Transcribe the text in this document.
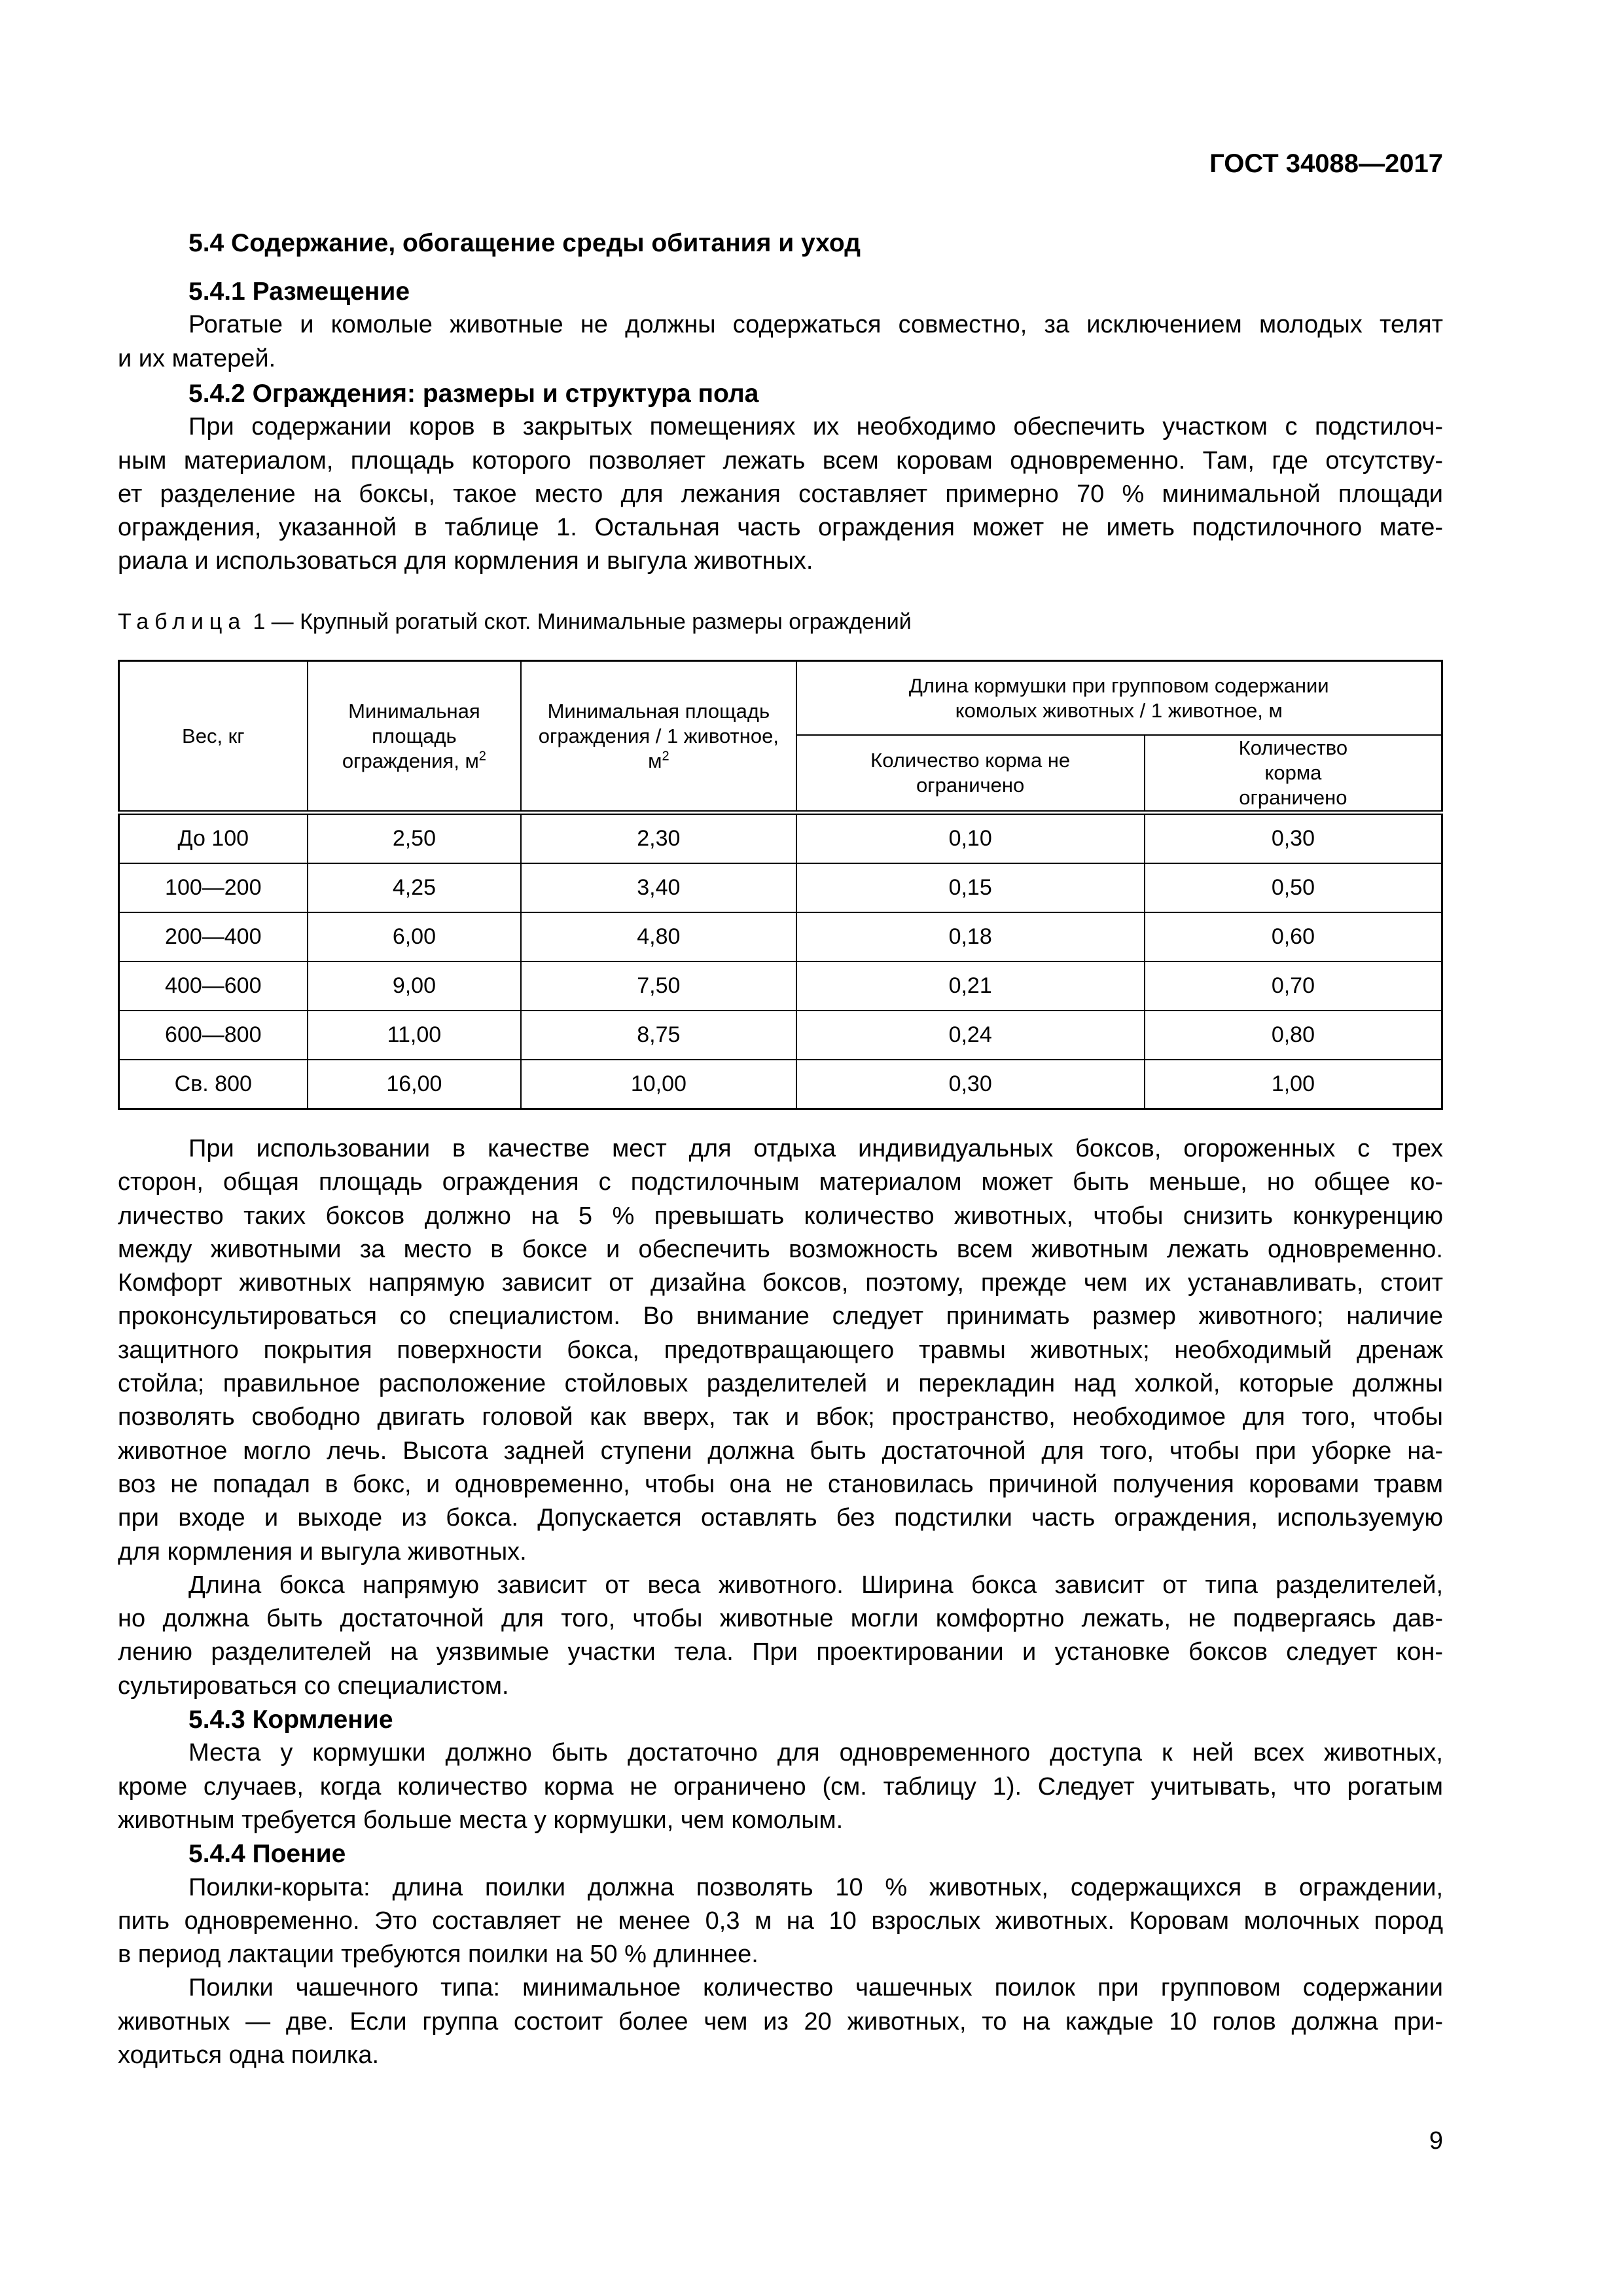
ГОСТ 34088—2017
5.4 Содержание, обогащение среды обитания и уход
5.4.1 Размещение
Рогатые и комолые животные не должны содержаться совместно, за исключением молодых телят
и их матерей.
5.4.2 Ограждения: размеры и структура пола
При содержании коров в закрытых помещениях их необходимо обеспечить участком с подстилоч-
ным материалом, площадь которого позволяет лежать всем коровам одновременно. Там, где отсутству-
ет разделение на боксы, такое место для лежания составляет примерно 70 % минимальной площади
ограждения, указанной в таблице 1. Остальная часть ограждения может не иметь подстилочного мате-
риала и использоваться для кормления и выгула животных.
Таблица 1 — Крупный рогатый скот. Минимальные размеры ограждений
Вес, кг	Минимальная площадь ограждения, $м^2$	Минимальная площадь ограждения / 1 животное, $м^2$	Длина кормушки при групповом содержании комолых животных / 1 животное, м	
			Количество корма не ограничено	Количество корма ограничено
До 100	2,50	2,30	0,10	0,30
100—200	4,25	3,40	0,15	0,50
200—400	6,00	4,80	0,18	0,60
400—600	9,00	7,50	0,21	0,70
600—800	11,00	8,75	0,24	0,80
Св. 800	16,00	10,00	0,30	1,00
При использовании в качестве мест для отдыха индивидуальных боксов, огороженных с трех
сторон, общая площадь ограждения с подстилочным материалом может быть меньше, но общее ко-
личество таких боксов должно на 5 % превышать количество животных, чтобы снизить конкуренцию
между животными за место в боксе и обеспечить возможность всем животным лежать одновременно.
Комфорт животных напрямую зависит от дизайна боксов, поэтому, прежде чем их устанавливать, стоит
проконсультироваться со специалистом. Во внимание следует принимать размер животного; наличие
защитного покрытия поверхности бокса, предотвращающего травмы животных; необходимый дренаж
стойла; правильное расположение стойловых разделителей и перекладин над холкой, которые должны
позволять свободно двигать головой как вверх, так и вбок; пространство, необходимое для того, чтобы
животное могло лечь. Высота задней ступени должна быть достаточной для того, чтобы при уборке на-
воз не попадал в бокс, и одновременно, чтобы она не становилась причиной получения коровами травм
при входе и выходе из бокса. Допускается оставлять без подстилки часть ограждения, используемую
для кормления и выгула животных.
Длина бокса напрямую зависит от веса животного. Ширина бокса зависит от типа разделителей,
но должна быть достаточной для того, чтобы животные могли комфортно лежать, не подвергаясь дав-
лению разделителей на уязвимые участки тела. При проектировании и установке боксов следует кон-
сультироваться со специалистом.
5.4.3 Кормление
Места у кормушки должно быть достаточно для одновременного доступа к ней всех животных,
кроме случаев, когда количество корма не ограничено (см. таблицу 1). Следует учитывать, что рогатым
животным требуется больше места у кормушки, чем комолым.
5.4.4 Поение
Поилки-корыта: длина поилки должна позволять 10 % животных, содержащихся в ограждении,
пить одновременно. Это составляет не менее 0,3 м на 10 взрослых животных. Коровам молочных пород
в период лактации требуются поилки на 50 % длиннее.
Поилки чашечного типа: минимальное количество чашечных поилок при групповом содержании
животных — две. Если группа состоит более чем из 20 животных, то на каждые 10 голов должна при-
ходиться одна поилка.
9
